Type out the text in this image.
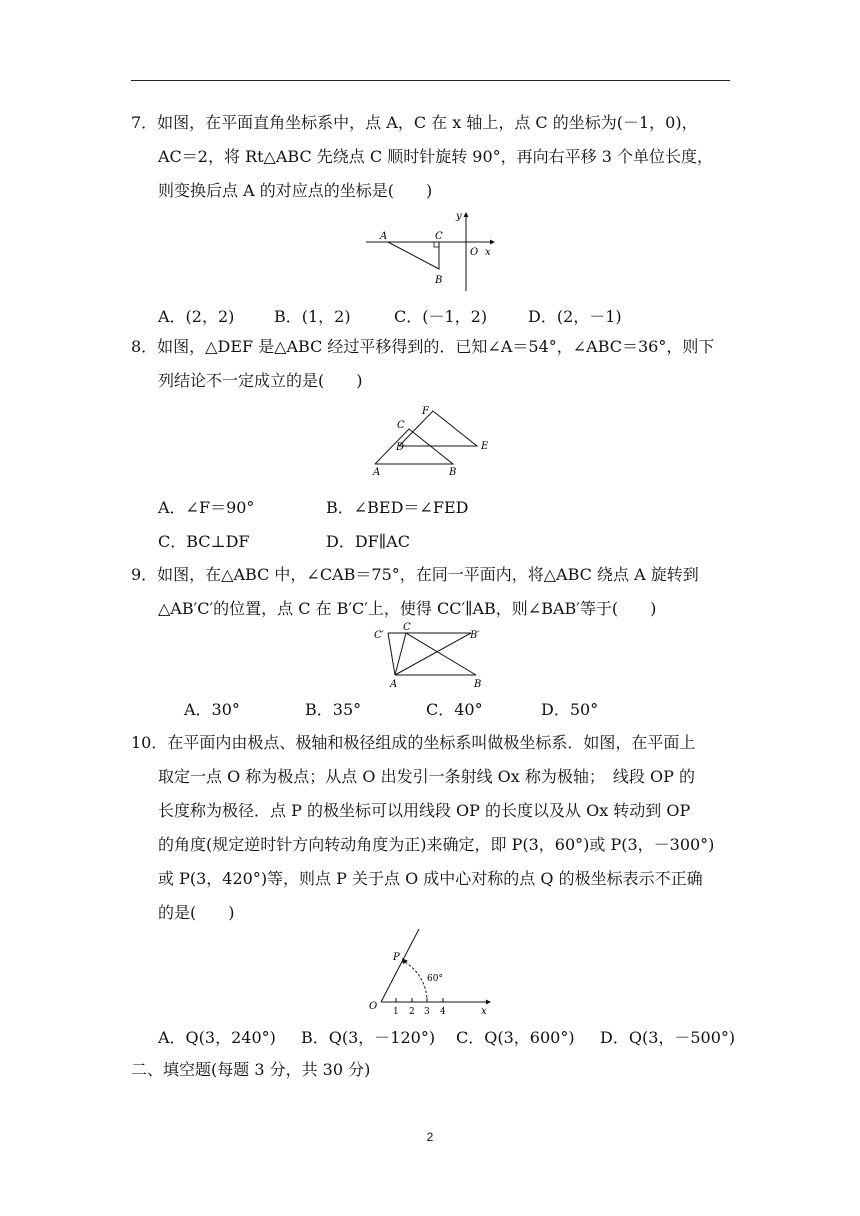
7．如图，在平面直角坐标系中，点 A，C 在 x 轴上，点 C 的坐标为(－1，0)，
AC＝2，将 Rt△ABC 先绕点 C 顺时针旋转 90°，再向右平移 3 个单位长度，
则变换后点 A 的对应点的坐标是(　　)
A	C
B
O x
y
A．(2，2) B．(1，2)	C．(－1，2)	D．(2，－1)
8．如图，△DEF 是△ABC 经过平移得到的．已知∠A＝54°，∠ABC＝36°，则下
列结论不一定成立的是(　　)
F
C
D	E
A	B
A．∠F＝90°	B．∠BED＝∠FED
C．BC⊥DF	D．DF∥AC
9．如图，在△ABC 中，∠CAB＝75°，在同一平面内，将△ABC 绕点 A 旋转到
△AB′C′的位置，点 C 在 B′C′上，使得 CC′∥AB，则∠BAB′等于(　　)
C′
C
B′
A	B
A．30°	B．35°	C．40°	D．50°
10．在平面内由极点、极轴和极径组成的坐标系叫做极坐标系．如图，在平面上
取定一点 O 称为极点；从点 O 出发引一条射线 Ox 称为极轴；　线段 OP 的
长度称为极径．点 P 的极坐标可以用线段 OP 的长度以及从 Ox 转动到 OP
的角度(规定逆时针方向转动角度为正)来确定，即 P(3，60°)或 P(3，－300°)
或 P(3，420°)等，则点 P 关于点 O 成中心对称的点 Q 的极坐标表示不正确
的是(　　)
P
60°
O 1 2 3 4	x
A．Q(3，240°) B．Q(3，－120°) C．Q(3，600°) D．Q(3，－500°)
二、填空题(每题 3 分，共 30 分)
2
